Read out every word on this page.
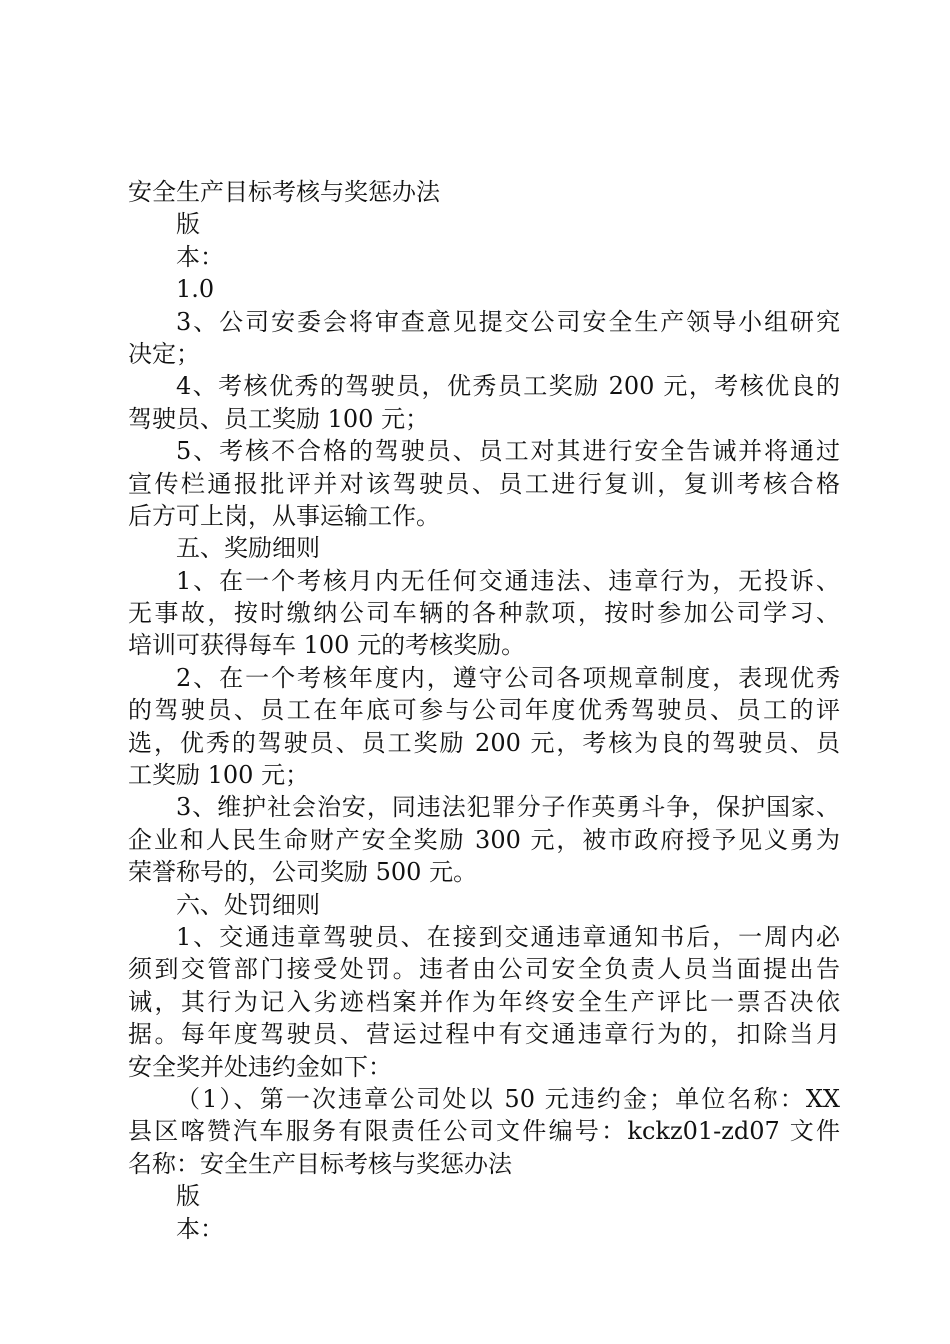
安全生产目标考核与奖惩办法

版

本：

1.0

3、公司安委会将审查意见提交公司安全生产领导小组研究

决定；

4、考核优秀的驾驶员，优秀员工奖励 200 元，考核优良的

驾驶员、员工奖励 100 元；

5、考核不合格的驾驶员、员工对其进行安全告诫并将通过

宣传栏通报批评并对该驾驶员、员工进行复训，复训考核合格

后方可上岗，从事运输工作。

五、奖励细则

1、在一个考核月内无任何交通违法、违章行为，无投诉、

无事故，按时缴纳公司车辆的各种款项，按时参加公司学习、

培训可获得每车 100 元的考核奖励。

2、在一个考核年度内，遵守公司各项规章制度，表现优秀

的驾驶员、员工在年底可参与公司年度优秀驾驶员、员工的评

选，优秀的驾驶员、员工奖励 200 元，考核为良的驾驶员、员

工奖励 100 元；

3、维护社会治安，同违法犯罪分子作英勇斗争，保护国家、

企业和人民生命财产安全奖励 300 元，被市政府授予见义勇为

荣誉称号的，公司奖励 500 元。

六、处罚细则

1、交通违章驾驶员、在接到交通违章通知书后，一周内必

须到交管部门接受处罚。违者由公司安全负责人员当面提出告

诫，其行为记入劣迹档案并作为年终安全生产评比一票否决依

据。每年度驾驶员、营运过程中有交通违章行为的，扣除当月

安全奖并处违约金如下：

（1）、第一次违章公司处以 50 元违约金；单位名称：XX

县区喀赞汽车服务有限责任公司文件编号：kckz01-zd07 文件

名称：安全生产目标考核与奖惩办法

版

本：
